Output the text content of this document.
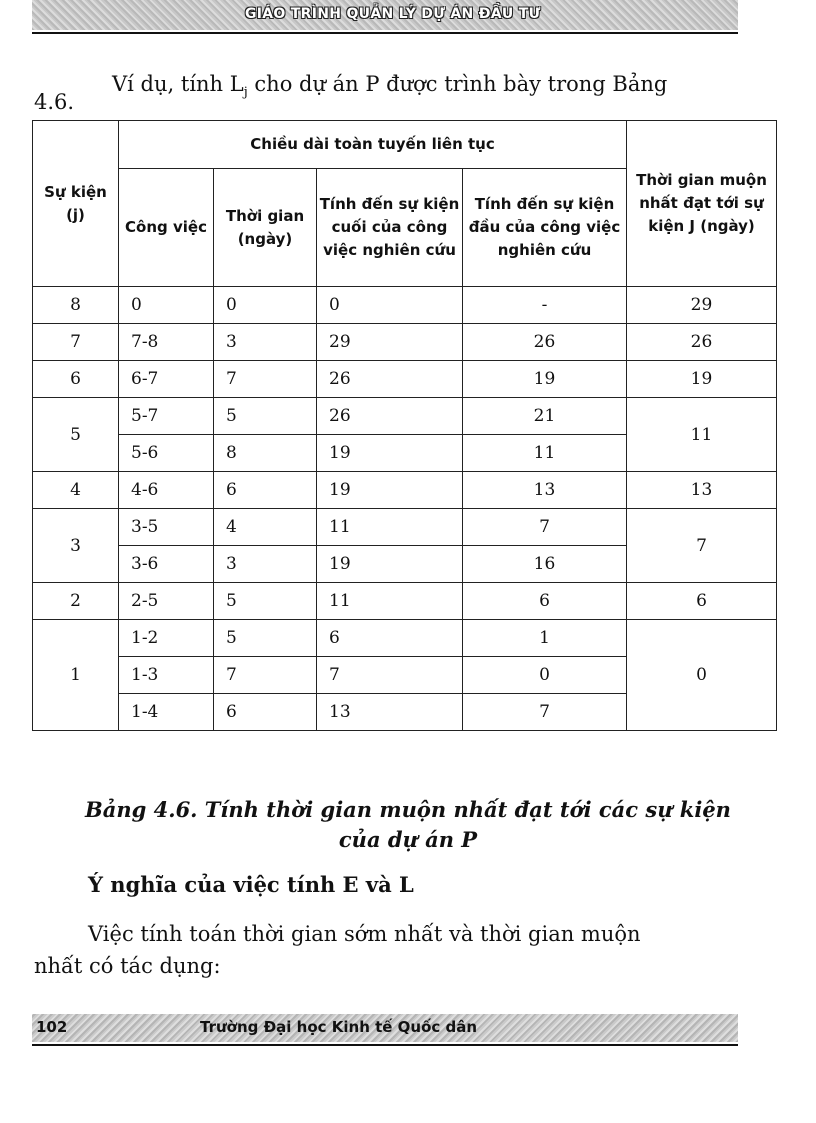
GIÁO TRÌNH QUẢN LÝ DỰ ÁN ĐẦU TƯ
Ví dụ, tính $L_j$ cho dự án P được trình bày trong Bảng
4.6.
Sự kiện (j)	Chiều dài toàn tuyến liên tục				Thời gian muộn nhất đạt tới sự kiện J (ngày)
	Công việc	Thời gian (ngày)	Tính đến sự kiện cuối của công việc nghiên cứu	Tính đến sự kiện đầu của công việc nghiên cứu	
8	0	0	0	-	29
7	7-8	3	29	26	26
6	6-7	7	26	19	19
5	5-7	5	26	21	11
	5-6	8	19	11	
4	4-6	6	19	13	13
3	3-5	4	11	7	7
	3-6	3	19	16	
2	2-5	5	11	6	6
1	1-2	5	6	1	0
	1-3	7	7	0	
	1-4	6	13	7	
Bảng 4.6. Tính thời gian muộn nhất đạt tới các sự kiện
của dự án P
Ý nghĩa của việc tính E và L
Việc tính toán thời gian sớm nhất và thời gian muộn
nhất có tác dụng:
102	Trường Đại học Kinh tế Quốc dân
